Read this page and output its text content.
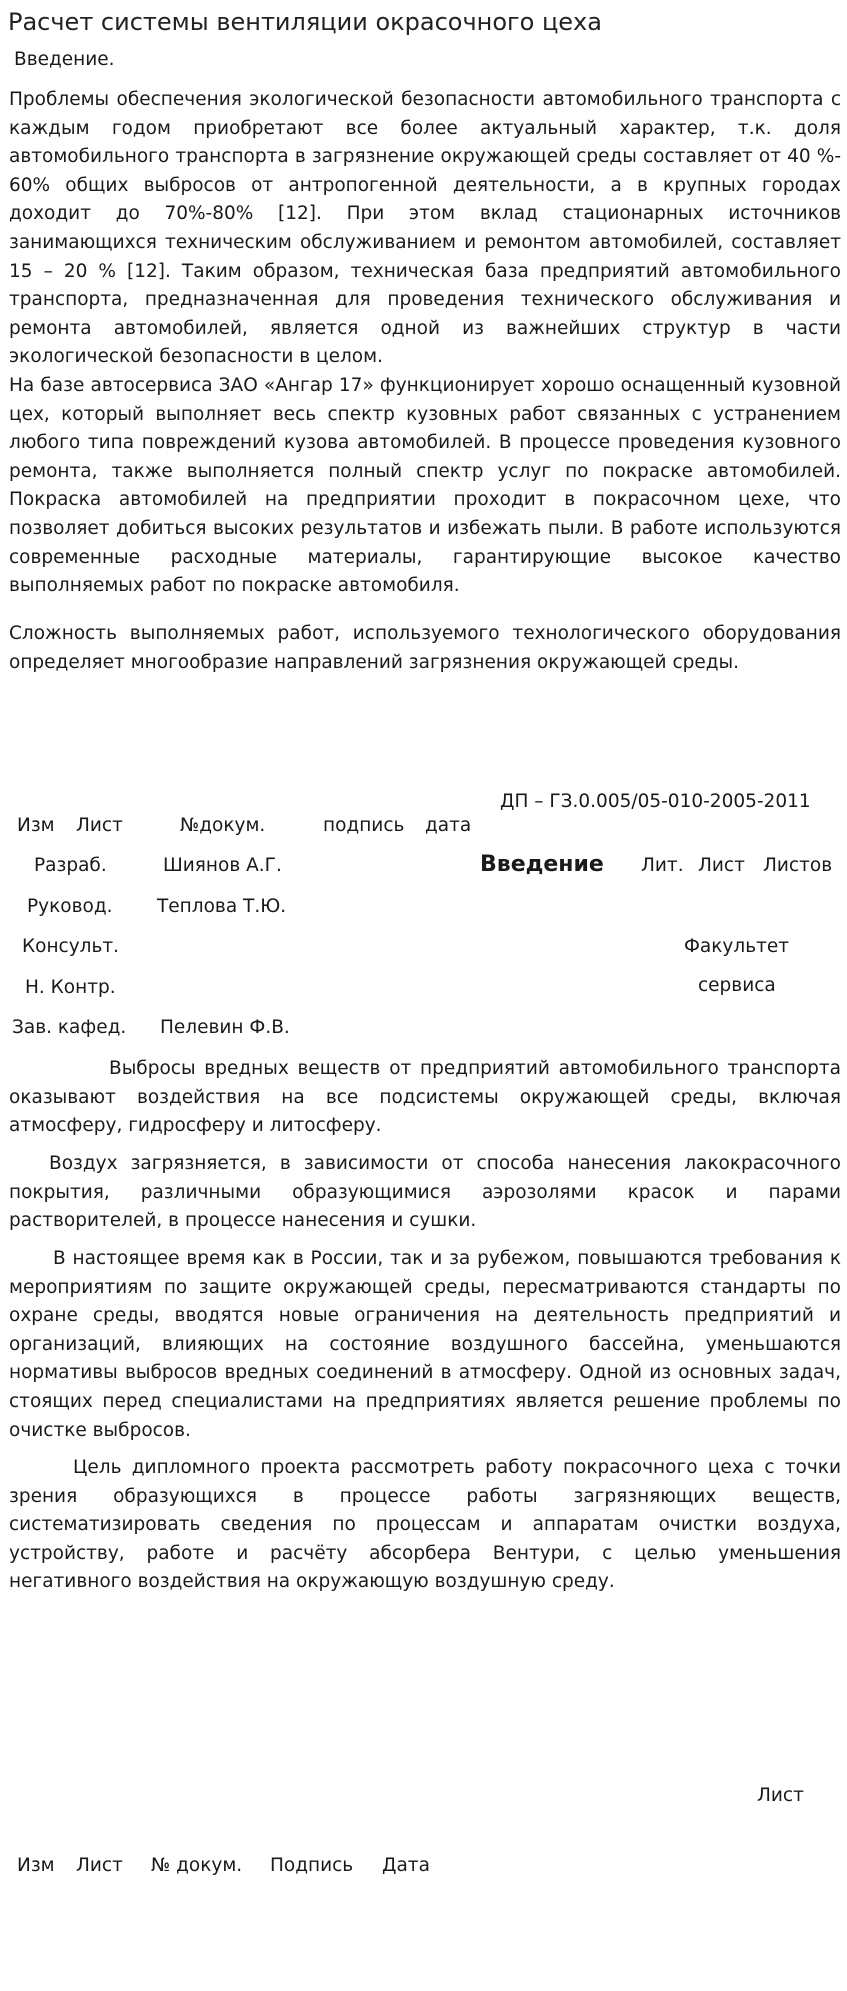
Расчет системы вентиляции окрасочного цеха
Введение.

Проблемы обеспечения экологической безопасности автомобильного транспорта с каждым годом приобретают все более актуальный характер, т.к. доля автомобильного транспорта в загрязнение окружающей среды составляет от 40 %- 60% общих выбросов от антропогенной деятельности, а в крупных городах доходит до 70%-80% [12]. При этом вклад стационарных источников занимающихся техническим обслуживанием и ремонтом автомобилей, составляет 15 – 20 % [12]. Таким образом, техническая база предприятий автомобильного транспорта, предназначенная для проведения технического обслуживания и ремонта автомобилей, является одной из важнейших структур в части экологической безопасности в целом.

На базе автосервиса ЗАО «Ангар 17» функционирует хорошо оснащенный кузовной цех, который выполняет весь спектр кузовных работ связанных с устранением любого типа повреждений кузова автомобилей. В процессе проведения кузовного ремонта, также выполняется полный спектр услуг по покраске автомобилей. Покраска автомобилей на предприятии проходит в покрасочном цехе, что позволяет добиться высоких результатов и избежать пыли. В работе используются современные расходные материалы, гарантирующие высокое качество выполняемых работ по покраске автомобиля.

Сложность выполняемых работ, используемого технологического оборудования определяет многообразие направлений загрязнения окружающей среды.

ДП – ГЗ.0.005/05-010-2005-2011
Изм Лист	№докум.	подпись дата
Разраб.	Шиянов А.Г.	Введение Лит. Лист Листов
Руковод. Теплова Т.Ю.
Консульт.	Факультет
Н. Контр.	сервиса
Зав. кафед. Пелевин Ф.В.

Выбросы вредных веществ от предприятий автомобильного транспорта оказывают воздействия на все подсистемы окружающей среды, включая атмосферу, гидросферу и литосферу.

Воздух загрязняется, в зависимости от способа нанесения лакокрасочного покрытия, различными образующимися аэрозолями красок и парами растворителей, в процессе нанесения и сушки.

В настоящее время как в России, так и за рубежом, повышаются требования к мероприятиям по защите окружающей среды, пересматриваются стандарты по охране среды, вводятся новые ограничения на деятельность предприятий и организаций, влияющих на состояние воздушного бассейна, уменьшаются нормативы выбросов вредных соединений в атмосферу. Одной из основных задач, стоящих перед специалистами на предприятиях является решение проблемы по очистке выбросов.

Цель дипломного проекта рассмотреть работу покрасочного цеха с точки зрения образующихся в процессе работы загрязняющих веществ, систематизировать сведения по процессам и аппаратам очистки воздуха, устройству, работе и расчёту абсорбера Вентури, с целью уменьшения негативного воздействия на окружающую воздушную среду.

Лист
Изм Лист № докум. Подпись Дата
